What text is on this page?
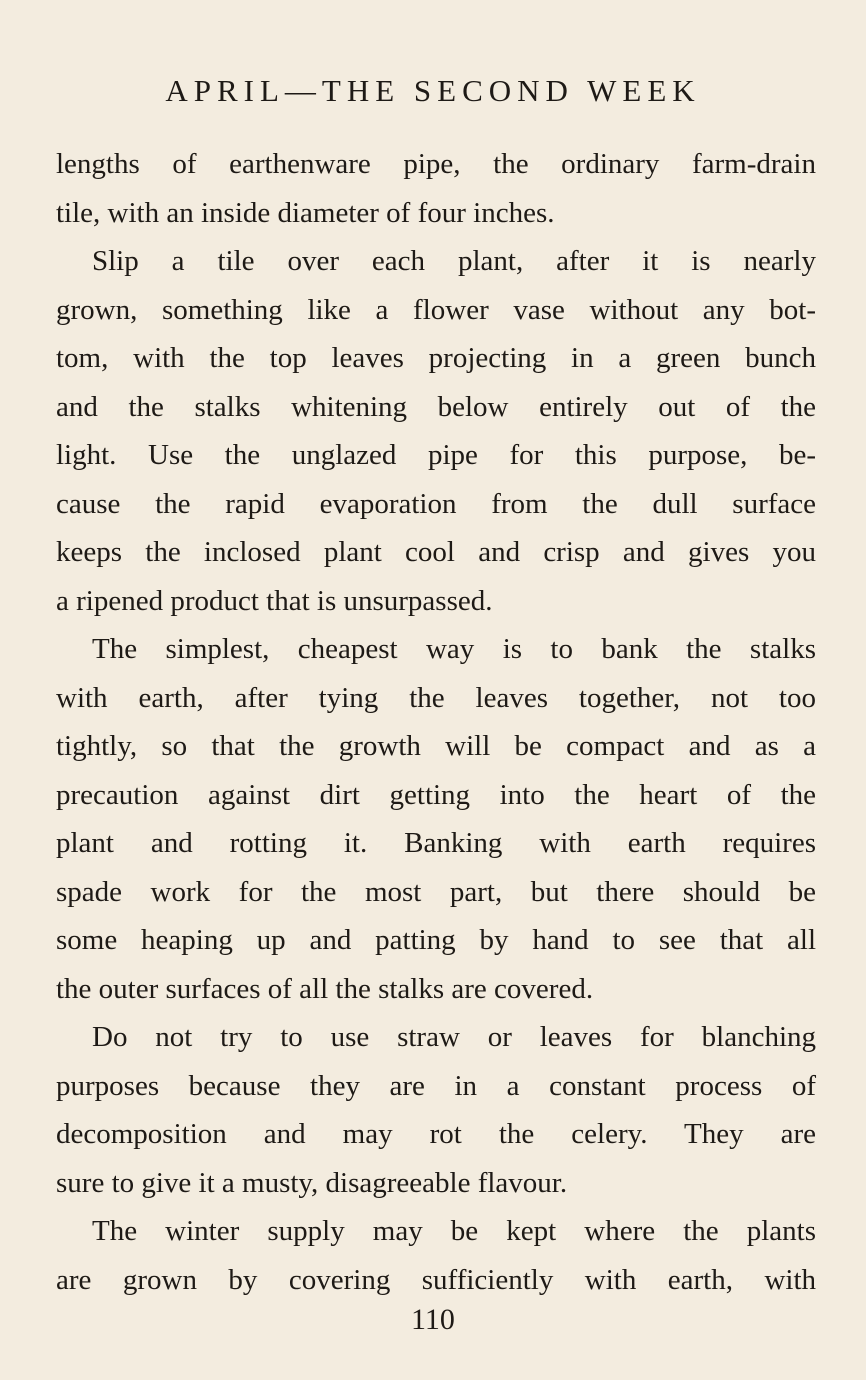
APRIL—THE SECOND WEEK
lengths of earthenware pipe, the ordinary farm-drain
tile, with an inside diameter of four inches.
Slip a tile over each plant, after it is nearly
grown, something like a flower vase without any bot-
tom, with the top leaves projecting in a green bunch
and the stalks whitening below entirely out of the
light. Use the unglazed pipe for this purpose, be-
cause the rapid evaporation from the dull surface
keeps the inclosed plant cool and crisp and gives you
a ripened product that is unsurpassed.
The simplest, cheapest way is to bank the stalks
with earth, after tying the leaves together, not too
tightly, so that the growth will be compact and as a
precaution against dirt getting into the heart of the
plant and rotting it. Banking with earth requires
spade work for the most part, but there should be
some heaping up and patting by hand to see that all
the outer surfaces of all the stalks are covered.
Do not try to use straw or leaves for blanching
purposes because they are in a constant process of
decomposition and may rot the celery. They are
sure to give it a musty, disagreeable flavour.
The winter supply may be kept where the plants
are grown by covering sufficiently with earth, with
110
